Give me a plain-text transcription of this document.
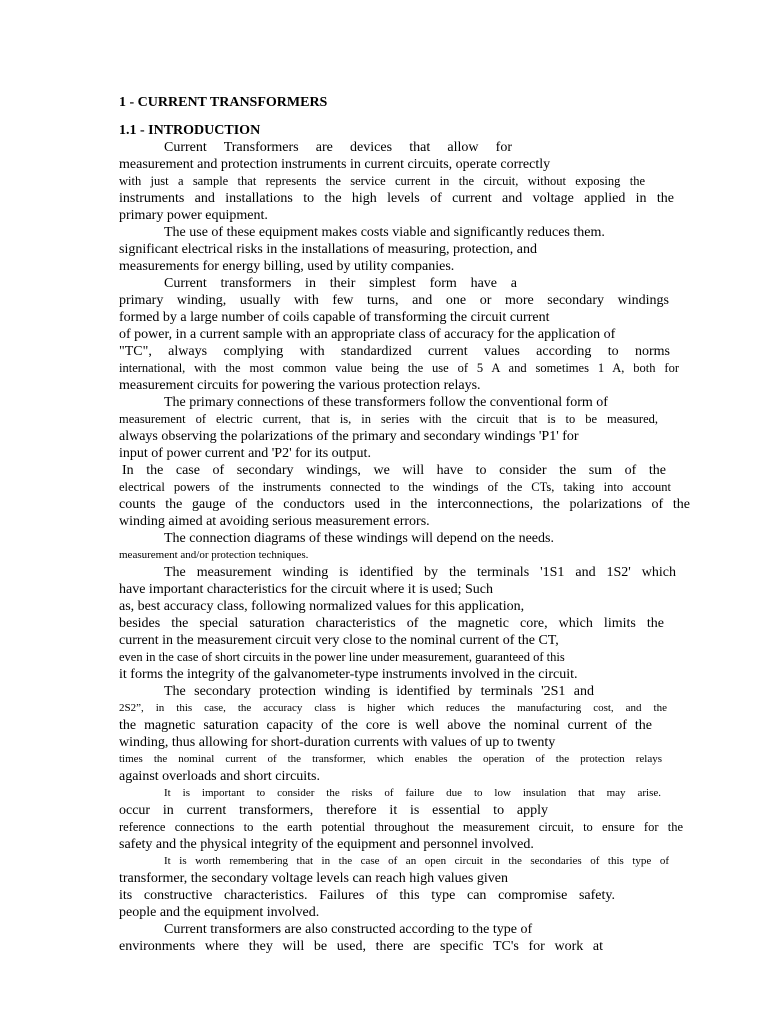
1 - CURRENT TRANSFORMERS
1.1 - INTRODUCTION
Current Transformers are devices that allow for
measurement and protection instruments in current circuits, operate correctly
with just a sample that represents the service current in the circuit, without exposing the
instruments and installations to the high levels of current and voltage applied in the
primary power equipment.
The use of these equipment makes costs viable and significantly reduces them.
significant electrical risks in the installations of measuring, protection, and
measurements for energy billing, used by utility companies.
Current transformers in their simplest form have a
primary winding, usually with few turns, and one or more secondary windings
formed by a large number of coils capable of transforming the circuit current
of power, in a current sample with an appropriate class of accuracy for the application of
"TC", always complying with standardized current values according to norms
international, with the most common value being the use of 5 A and sometimes 1 A, both for
measurement circuits for powering the various protection relays.
The primary connections of these transformers follow the conventional form of
measurement of electric current, that is, in series with the circuit that is to be measured,
always observing the polarizations of the primary and secondary windings 'P1' for
input of power current and 'P2' for its output.
In the case of secondary windings, we will have to consider the sum of the
electrical powers of the instruments connected to the windings of the CTs, taking into account
counts the gauge of the conductors used in the interconnections, the polarizations of the
winding aimed at avoiding serious measurement errors.
The connection diagrams of these windings will depend on the needs.
measurement and/or protection techniques.
The measurement winding is identified by the terminals '1S1 and 1S2' which
have important characteristics for the circuit where it is used; Such
as, best accuracy class, following normalized values for this application,
besides the special saturation characteristics of the magnetic core, which limits the
current in the measurement circuit very close to the nominal current of the CT,
even in the case of short circuits in the power line under measurement, guaranteed of this
it forms the integrity of the galvanometer-type instruments involved in the circuit.
The secondary protection winding is identified by terminals '2S1 and
2S2”, in this case, the accuracy class is higher which reduces the manufacturing cost, and the
the magnetic saturation capacity of the core is well above the nominal current of the
winding, thus allowing for short-duration currents with values of up to twenty
times the nominal current of the transformer, which enables the operation of the protection relays
against overloads and short circuits.
It is important to consider the risks of failure due to low insulation that may arise.
occur in current transformers, therefore it is essential to apply
reference connections to the earth potential throughout the measurement circuit, to ensure for the
safety and the physical integrity of the equipment and personnel involved.
It is worth remembering that in the case of an open circuit in the secondaries of this type of
transformer, the secondary voltage levels can reach high values given
its constructive characteristics. Failures of this type can compromise safety.
people and the equipment involved.
Current transformers are also constructed according to the type of
environments where they will be used, there are specific TC's for work at
